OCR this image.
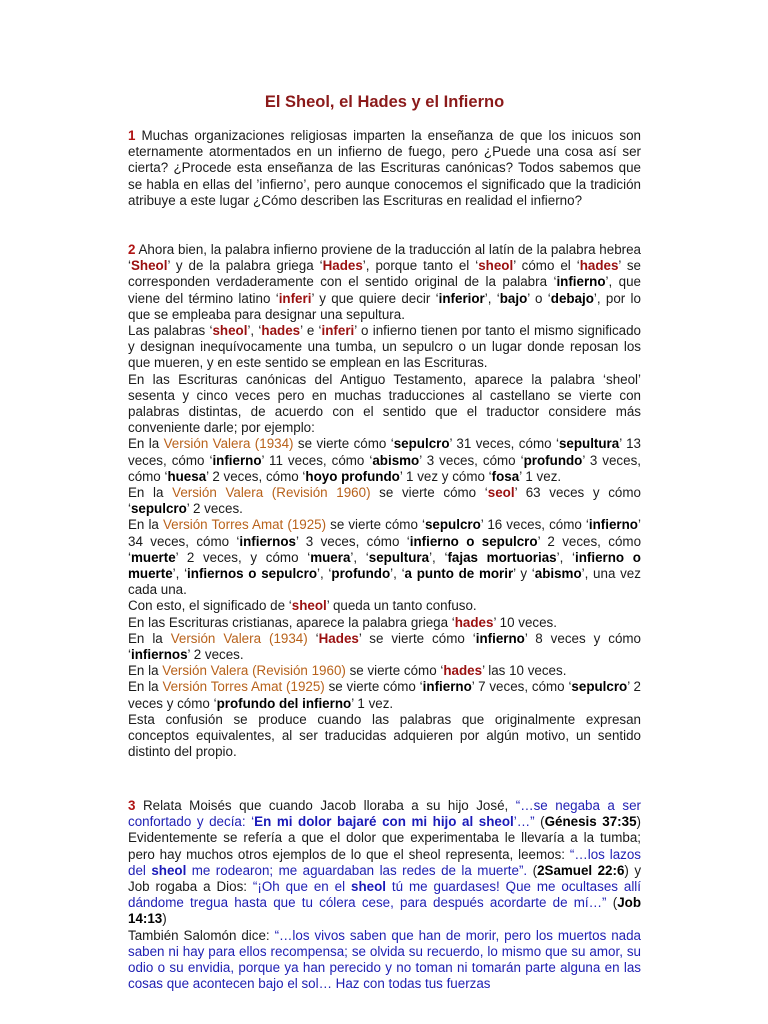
El Sheol, el Hades y el Infierno

1 Muchas organizaciones religiosas imparten la enseñanza de que los inicuos son eternamente atormentados en un infierno de fuego, pero ¿Puede una cosa así ser cierta? ¿Procede esta enseñanza de las Escrituras canónicas? Todos sabemos que se habla en ellas del ’infierno’, pero aunque conocemos el significado que la tradición atribuye a este lugar ¿Cómo describen las Escrituras en realidad el infierno?

2 Ahora bien, la palabra infierno proviene de la traducción al latín de la palabra hebrea ‘Sheol’ y de la palabra griega ‘Hades’, porque tanto el ‘sheol’ cómo el ‘hades’ se corresponden verdaderamente con el sentido original de la palabra ‘infierno’, que viene del término latino ‘inferi’ y que quiere decir ‘inferior’, ‘bajo’ o ‘debajo’, por lo que se empleaba para designar una sepultura.

Las palabras ‘sheol’, ‘hades’ e ‘inferi’ o infierno tienen por tanto el mismo significado y designan inequívocamente una tumba, un sepulcro o un lugar donde reposan los que mueren, y en este sentido se emplean en las Escrituras.

En las Escrituras canónicas del Antiguo Testamento, aparece la palabra ‘sheol’ sesenta y cinco veces pero en muchas traducciones al castellano se vierte con palabras distintas, de acuerdo con el sentido que el traductor considere más conveniente darle; por ejemplo:

En la Versión Valera (1934) se vierte cómo ‘sepulcro’ 31 veces, cómo ‘sepultura’ 13 veces, cómo ‘infierno’ 11 veces, cómo ‘abismo’ 3 veces, cómo ‘profundo’ 3 veces, cómo ‘huesa’ 2 veces, cómo ‘hoyo profundo’ 1 vez y cómo ‘fosa’ 1 vez.

En la Versión Valera (Revisión 1960) se vierte cómo ‘seol’ 63 veces y cómo ‘sepulcro’ 2 veces.

En la Versión Torres Amat (1925) se vierte cómo ‘sepulcro’ 16 veces, cómo ‘infierno’ 34 veces, cómo ‘infiernos’ 3 veces, cómo ‘infierno o sepulcro’ 2 veces, cómo ‘muerte’ 2 veces, y cómo ‘muera’, ‘sepultura’, ‘fajas mortuorias’, ‘infierno o muerte’, ‘infiernos o sepulcro’, ‘profundo’, ‘a punto de morir’ y ‘abismo’, una vez cada una.

Con esto, el significado de ‘sheol’ queda un tanto confuso.

En las Escrituras cristianas, aparece la palabra griega ‘hades’ 10 veces.

En la Versión Valera (1934) ‘Hades’ se vierte cómo ‘infierno’ 8 veces y cómo ‘infiernos’ 2 veces.

En la Versión Valera (Revisión 1960) se vierte cómo ‘hades’ las 10 veces.

En la Versión Torres Amat (1925) se vierte cómo ‘infierno’ 7 veces, cómo ‘sepulcro’ 2 veces y cómo ‘profundo del infierno’ 1 vez.

Esta confusión se produce cuando las palabras que originalmente expresan conceptos equivalentes, al ser traducidas adquieren por algún motivo, un sentido distinto del propio.

3 Relata Moisés que cuando Jacob lloraba a su hijo José, “…se negaba a ser confortado y decía: ‘En mi dolor bajaré con mi hijo al sheol’…” (Génesis 37:35) Evidentemente se refería a que el dolor que experimentaba le llevaría a la tumba; pero hay muchos otros ejemplos de lo que el sheol representa, leemos: “…los lazos del sheol me rodearon; me aguardaban las redes de la muerte”. (2Samuel 22:6) y Job rogaba a Dios: “¡Oh que en el sheol tú me guardases! Que me ocultases allí dándome tregua hasta que tu cólera cese, para después acordarte de mí…” (Job 14:13)

También Salomón dice: “…los vivos saben que han de morir, pero los muertos nada saben ni hay para ellos recompensa; se olvida su recuerdo, lo mismo que su amor, su odio o su envidia, porque ya han perecido y no toman ni tomarán parte alguna en las cosas que acontecen bajo el sol… Haz con todas tus fuerzas
